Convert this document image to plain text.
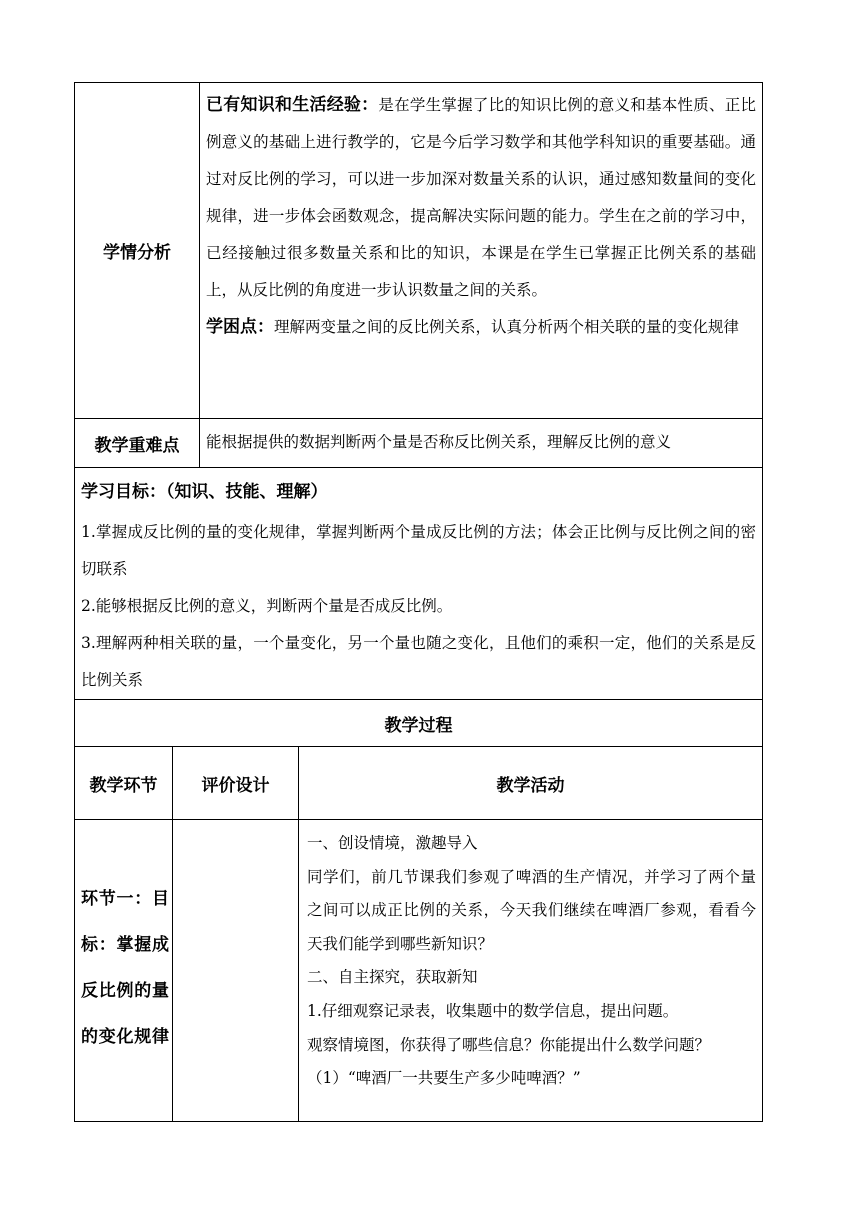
学情分析

已有知识和生活经验：是在学生掌握了比的知识比例的意义和基本性质、正比例意义的基础上进行教学的，它是今后学习数学和其他学科知识的重要基础。通过对反比例的学习，可以进一步加深对数量关系的认识，通过感知数量间的变化 规律，进一步体会函数观念，提高解决实际问题的能力。学生在之前的学习中，已经接触过很多数量关系和比的知识，本课是在学生已掌握正比例关系的基础上，从反比例的角度进一步认识数量之间的关系。

学困点：理解两变量之间的反比例关系，认真分析两个相关联的量的变化规律

教学重难点 能根据提供的数据判断两个量是否称反比例关系，理解反比例的意义

学习目标：（知识、技能、理解）

1.掌握成反比例的量的变化规律，掌握判断两个量成反比例的方法；体会正比例与反比例之间的密切联系

2.能够根据反比例的意义，判断两个量是否成反比例。

3.理解两种相关联的量，一个量变化，另一个量也随之变化，且他们的乘积一定，他们的关系是反比例关系

教学过程
教学环节	评价设计	教学活动

环节一：目标：掌握成反比例的量的变化规律

一、创设情境，激趣导入

同学们，前几节课我们参观了啤酒的生产情况，并学习了两个量之间可以成正比例的关系，今天我们继续在啤酒厂参观，看看今天我们能学到哪些新知识？

二、自主探究，获取新知

1.仔细观察记录表，收集题中的数学信息，提出问题。

观察情境图，你获得了哪些信息？你能提出什么数学问题？

（1）“啤酒厂一共要生产多少吨啤酒？”
